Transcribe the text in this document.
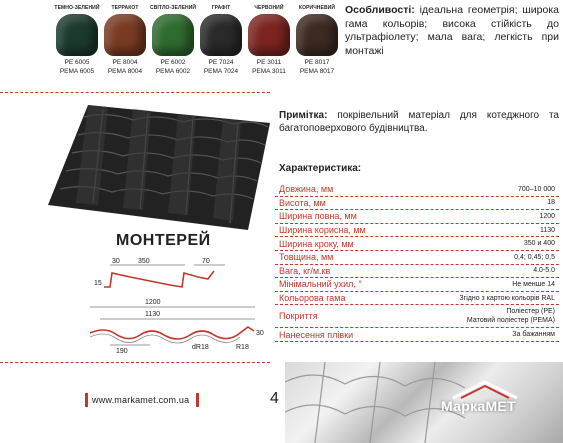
ТЕМНО-ЗЕЛЕНИЙ
PE 6005
PEMA 6005
ТЕРРАКОТ
PE 8004
PEMA 8004
СВІТЛО-ЗЕЛЕНИЙ
PE 6002
PEMA 6002
ГРАФІТ
PE 7024
PEMA 7024
ЧЕРВОНИЙ
PE 3011
PEMA 3011
КОРИЧНЕВИЙ
PE 8017
PEMA 8017
Особливості: ідеальна геометрія; широка гама кольорів; висока стійкість до ультрафіолету; мала вага; легкість при монтажі
МОНТЕРЕЙ
30	350	70
15
1200
1130
190
R18
dR18
30
Примітка: покрівельний матеріал для котеджного та багатоповерхового будівництва.
Характеристика:
Довжина, мм	700–10 000
Висота, мм	18
Ширина повна, мм	1200
Ширина корисна, мм	1130
Ширина кроку, мм	350 и 400
Товщина, мм	0,4; 0,45; 0,5
Вага, кг/м.кв	4.0-5.0
Мінімальний ухил, °	Не менше 14
Кольорова гама	Згідно з картою кольорів RAL
Покриття	Поліестер (PE)
Матовий поліестер (PEMA)
Нанесення плівки	За бажанням
www.markamet.com.ua	4	МаркаМЕТ
